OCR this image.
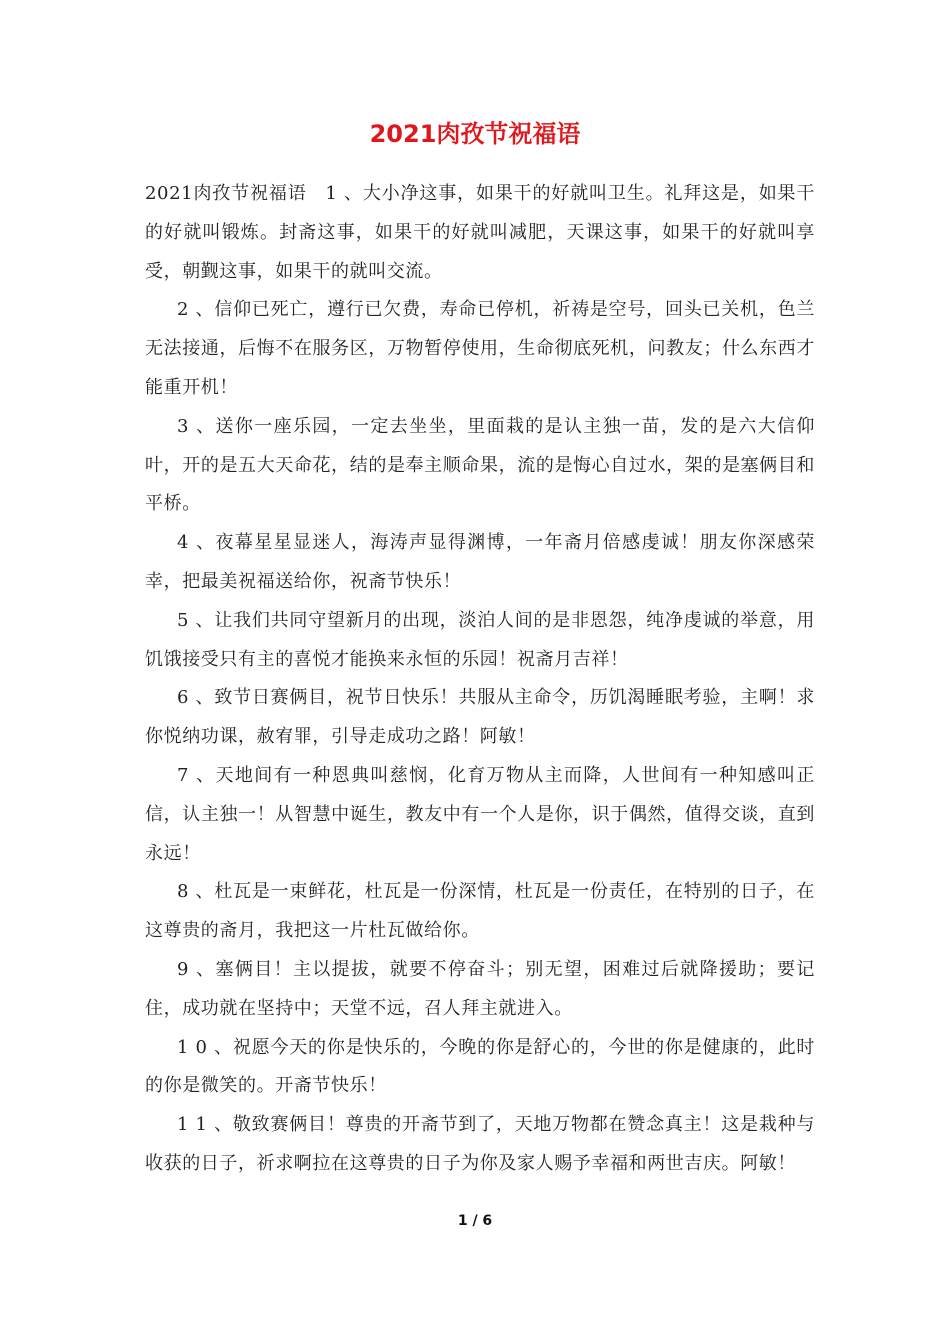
2021肉孜节祝福语

2021肉孜节祝福语　1 、大小净这事，如果干的好就叫卫生。礼拜这是，如果干的好就叫锻炼。封斋这事，如果干的好就叫减肥，天课这事，如果干的好就叫享受，朝觐这事，如果干的就叫交流。

2 、信仰已死亡，遵行已欠费，寿命已停机，祈祷是空号，回头已关机，色兰无法接通，后悔不在服务区，万物暂停使用，生命彻底死机，问教友；什么东西才能重开机！

3 、送你一座乐园，一定去坐坐，里面栽的是认主独一苗，发的是六大信仰叶，开的是五大天命花，结的是奉主顺命果，流的是悔心自过水，架的是塞俩目和平桥。

4 、夜幕星星显迷人，海涛声显得渊博，一年斋月倍感虔诚！朋友你深感荣幸，把最美祝福送给你，祝斋节快乐！

5 、让我们共同守望新月的出现，淡泊人间的是非恩怨，纯净虔诚的举意，用饥饿接受只有主的喜悦才能换来永恒的乐园！祝斋月吉祥！

6 、致节日赛俩目，祝节日快乐！共服从主命令，历饥渴睡眠考验，主啊！求你悦纳功课，赦宥罪，引导走成功之路！阿敏！

7 、天地间有一种恩典叫慈悯，化育万物从主而降，人世间有一种知感叫正信，认主独一！从智慧中诞生，教友中有一个人是你，识于偶然，值得交谈，直到永远！

8 、杜瓦是一束鲜花，杜瓦是一份深情，杜瓦是一份责任，在特别的日子，在这尊贵的斋月，我把这一片杜瓦做给你。

9 、塞俩目！主以提拔，就要不停奋斗；别无望，困难过后就降援助；要记住，成功就在坚持中；天堂不远，召人拜主就进入。

1 0 、祝愿今天的你是快乐的，今晚的你是舒心的，今世的你是健康的，此时的你是微笑的。开斋节快乐！

1 1 、敬致赛俩目！尊贵的开斋节到了，天地万物都在赞念真主！这是栽种与收获的日子，祈求啊拉在这尊贵的日子为你及家人赐予幸福和两世吉庆。阿敏！

1 / 6
